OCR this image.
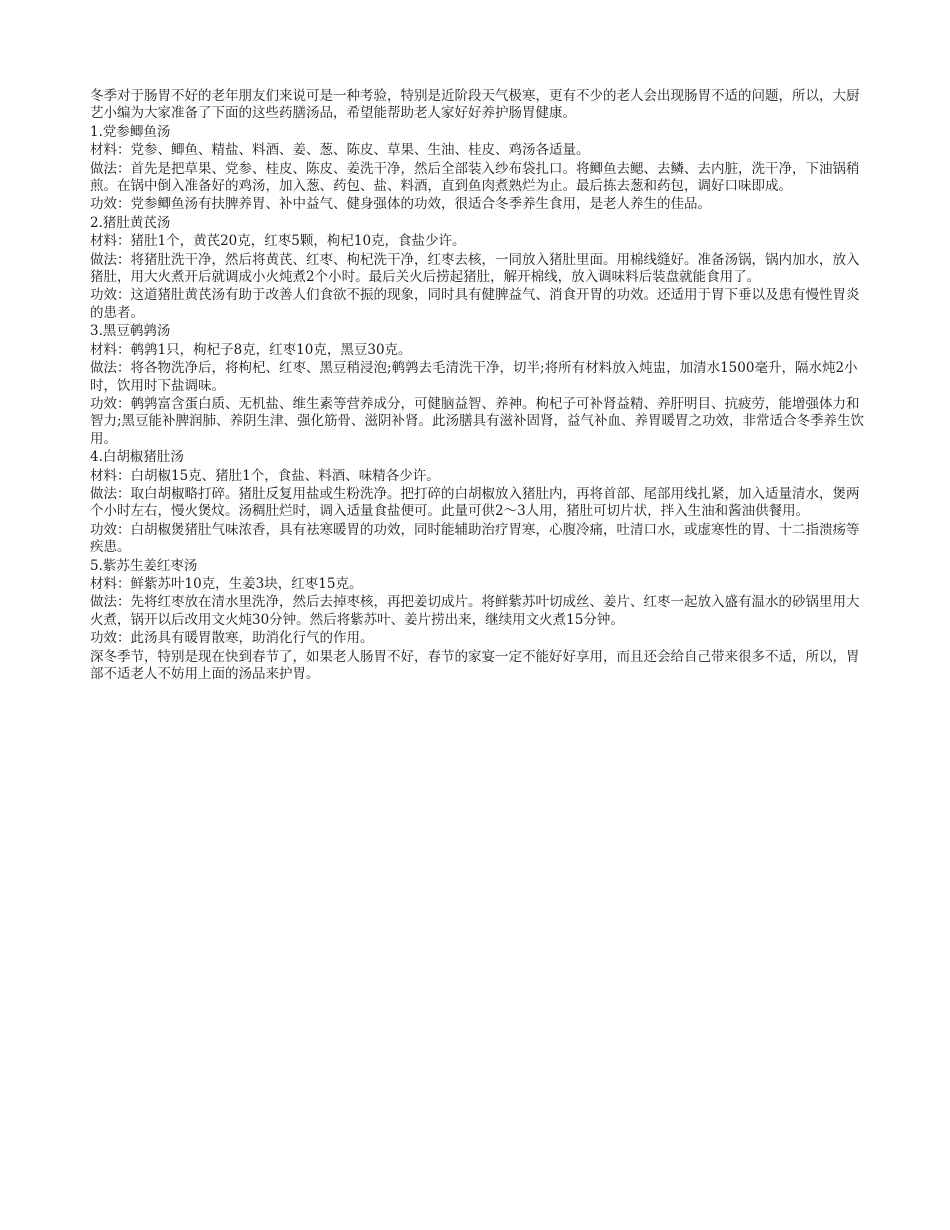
冬季对于肠胃不好的老年朋友们来说可是一种考验，特别是近阶段天气极寒，更有不少的老人会出现肠胃不适的问题，所以，大厨艺小编为大家准备了下面的这些药膳汤品，希望能帮助老人家好好养护肠胃健康。

1.党参鲫鱼汤

材料：党参、鲫鱼、精盐、料酒、姜、葱、陈皮、草果、生油、桂皮、鸡汤各适量。

做法：首先是把草果、党参、桂皮、陈皮、姜洗干净，然后全部装入纱布袋扎口。将鲫鱼去鳃、去鳞、去内脏，洗干净，下油锅稍煎。在锅中倒入准备好的鸡汤，加入葱、药包、盐、料酒，直到鱼肉煮熟烂为止。最后拣去葱和药包，调好口味即成。

功效：党参鲫鱼汤有扶脾养胃、补中益气、健身强体的功效，很适合冬季养生食用，是老人养生的佳品。

2.猪肚黄芪汤

材料：猪肚1个，黄芪20克，红枣5颗，枸杞10克，食盐少许。

做法：将猪肚洗干净，然后将黄芪、红枣、枸杞洗干净，红枣去核，一同放入猪肚里面。用棉线缝好。准备汤锅，锅内加水，放入猪肚，用大火煮开后就调成小火炖煮2个小时。最后关火后捞起猪肚，解开棉线，放入调味料后装盘就能食用了。

功效：这道猪肚黄芪汤有助于改善人们食欲不振的现象，同时具有健脾益气、消食开胃的功效。还适用于胃下垂以及患有慢性胃炎的患者。

3.黑豆鹌鹑汤

材料：鹌鹑1只，枸杞子8克，红枣10克，黑豆30克。

做法：将各物洗净后，将枸杞、红枣、黑豆稍浸泡;鹌鹑去毛清洗干净，切半;将所有材料放入炖盅，加清水1500毫升，隔水炖2小时，饮用时下盐调味。

功效：鹌鹑富含蛋白质、无机盐、维生素等营养成分，可健脑益智、养神。枸杞子可补肾益精、养肝明目、抗疲劳，能增强体力和智力;黑豆能补脾润肺、养阴生津、强化筋骨、滋阴补肾。此汤膳具有滋补固肾，益气补血、养胃暖胃之功效，非常适合冬季养生饮用。

4.白胡椒猪肚汤

材料：白胡椒15克、猪肚1个，食盐、料酒、味精各少许。

做法：取白胡椒略打碎。猪肚反复用盐或生粉洗净。把打碎的白胡椒放入猪肚内，再将首部、尾部用线扎紧，加入适量清水，煲两个小时左右，慢火煲炆。汤稠肚烂时，调入适量食盐便可。此量可供2～3人用，猪肚可切片状，拌入生油和酱油供餐用。

功效：白胡椒煲猪肚气味浓香，具有祛寒暖胃的功效，同时能辅助治疗胃寒，心腹冷痛，吐清口水，或虚寒性的胃、十二指溃疡等疾患。

5.紫苏生姜红枣汤

材料：鲜紫苏叶10克，生姜3块，红枣15克。

做法：先将红枣放在清水里洗净，然后去掉枣核，再把姜切成片。将鲜紫苏叶切成丝、姜片、红枣一起放入盛有温水的砂锅里用大火煮，锅开以后改用文火炖30分钟。然后将紫苏叶、姜片捞出来，继续用文火煮15分钟。

功效：此汤具有暖胃散寒，助消化行气的作用。

深冬季节，特别是现在快到春节了，如果老人肠胃不好，春节的家宴一定不能好好享用，而且还会给自己带来很多不适，所以，胃部不适老人不妨用上面的汤品来护胃。
